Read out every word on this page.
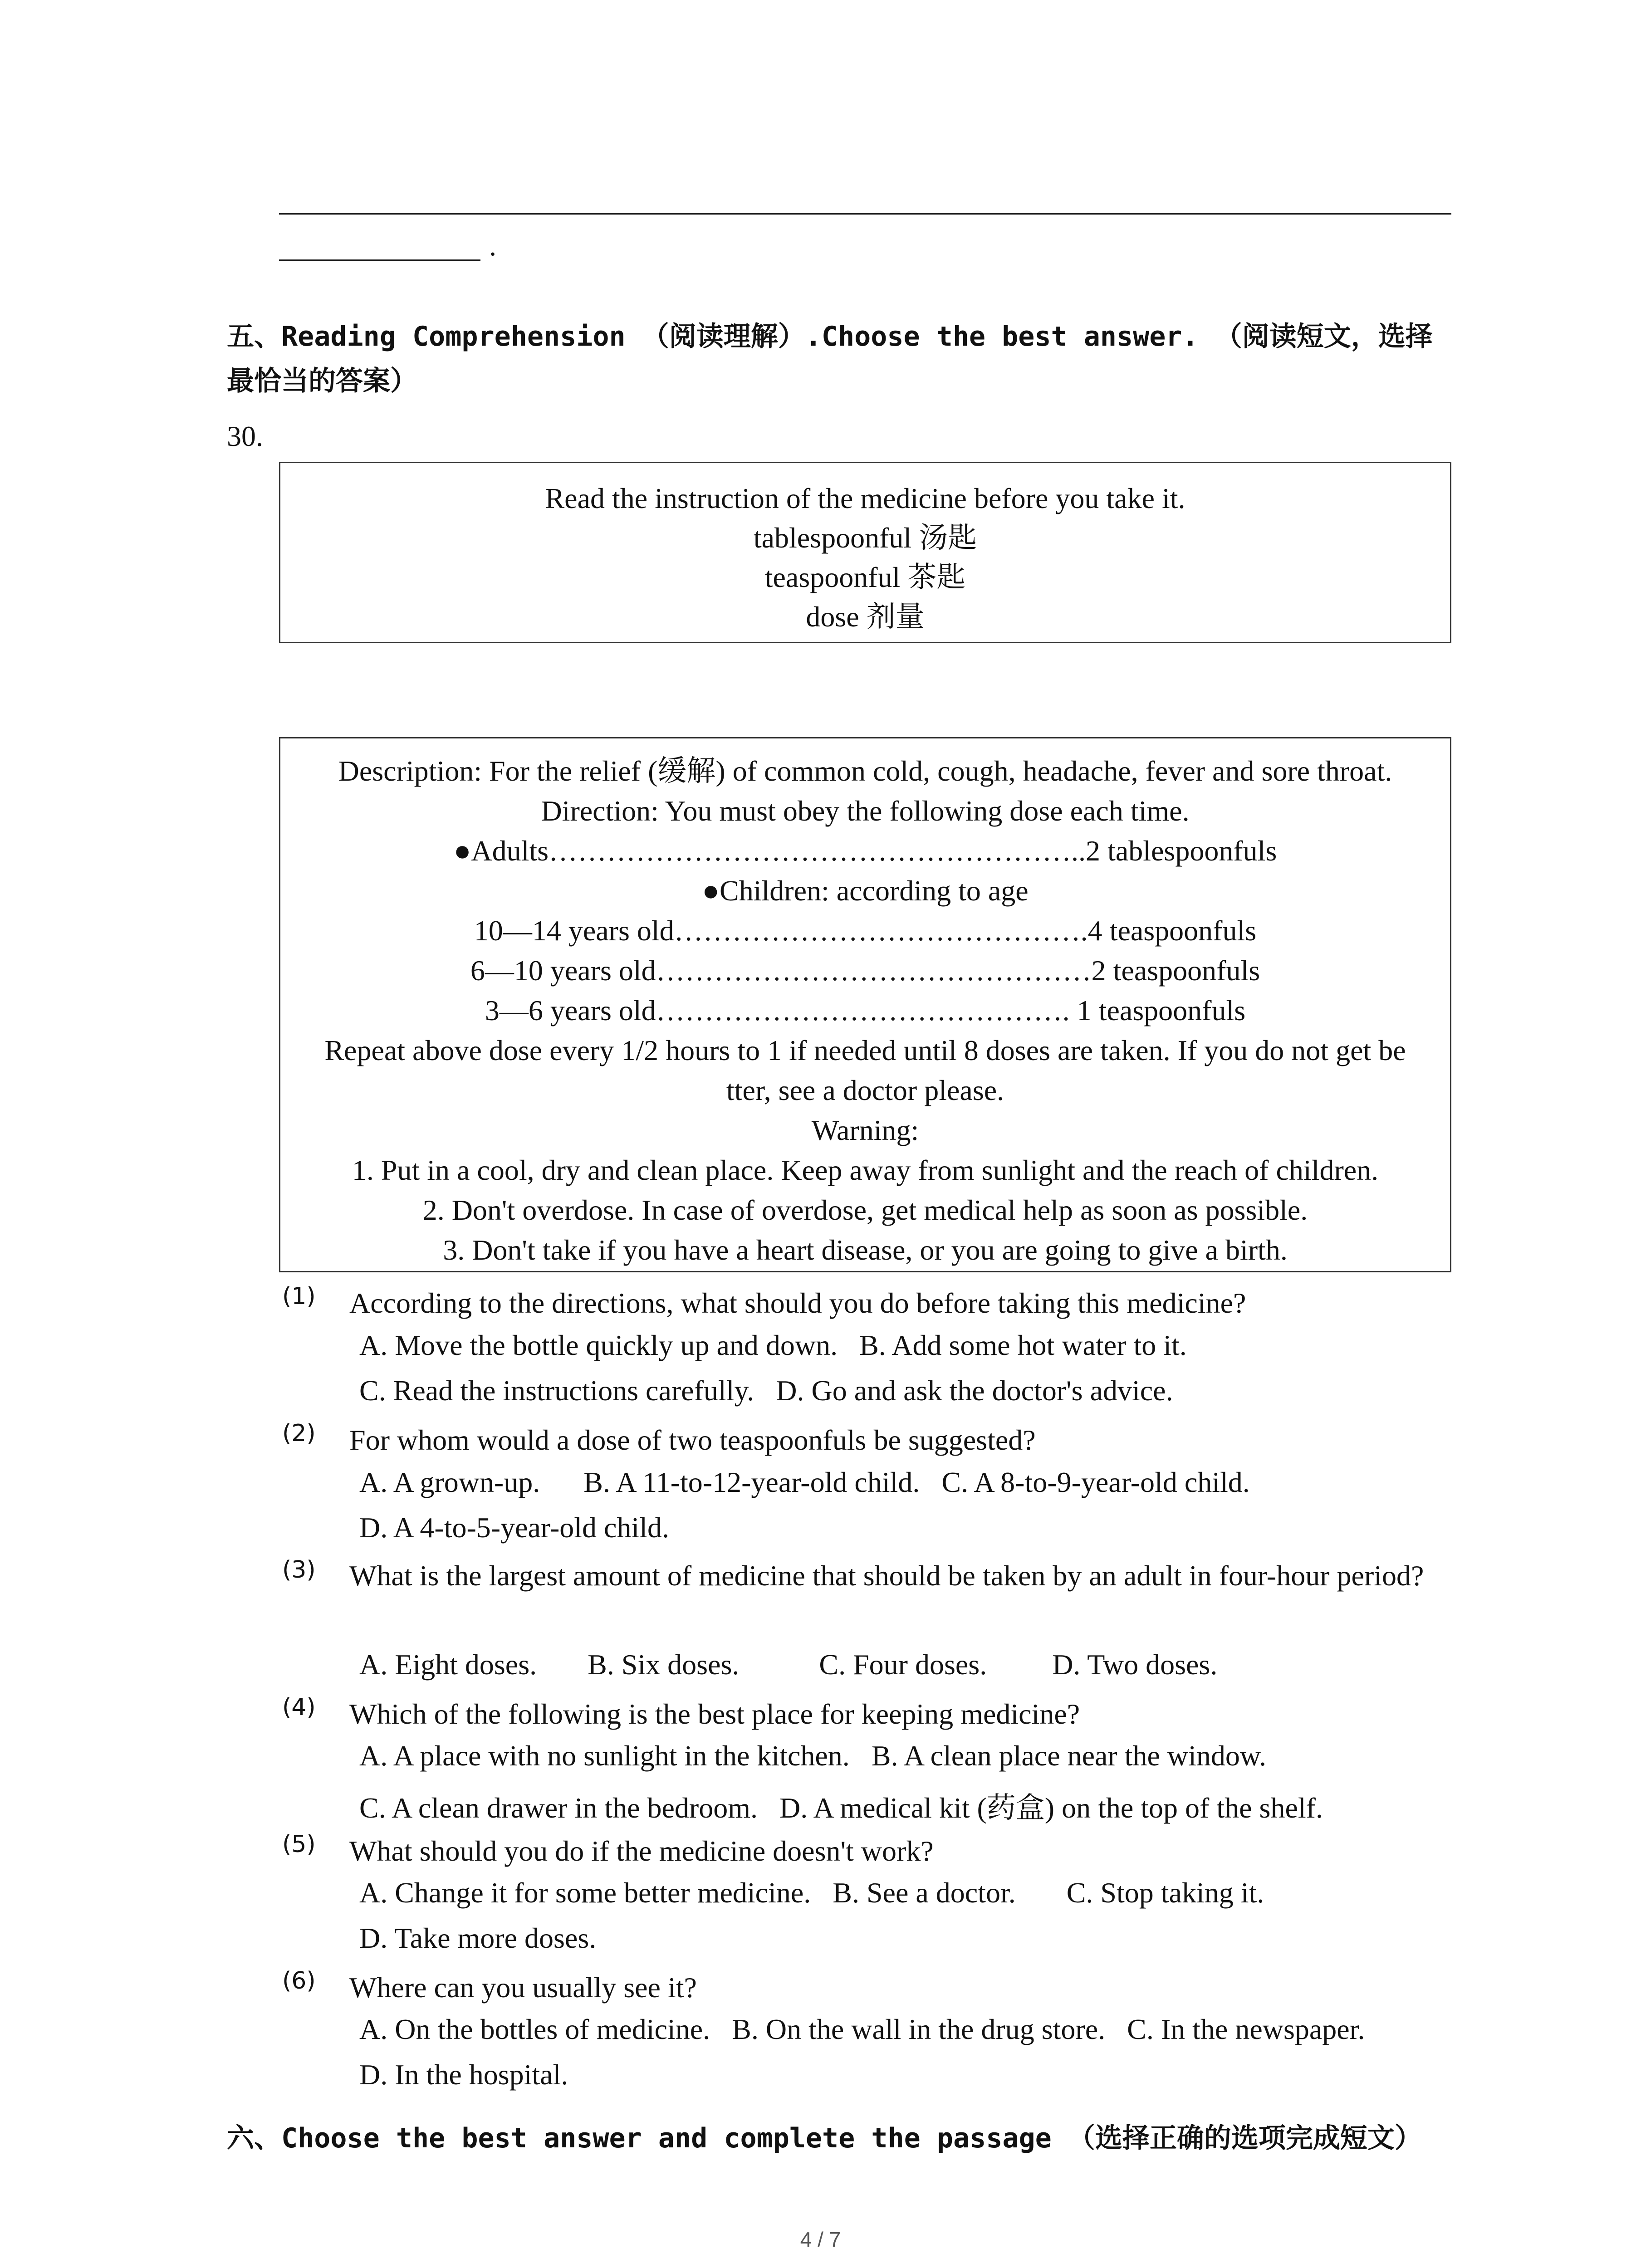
.
五、Reading Comprehension （阅读理解）.Choose the best answer. （阅读短文，选择
最恰当的答案）
30.
Read the instruction of the medicine before you take it.
tablespoonful 汤匙
teaspoonful 茶匙
dose 剂量
Description: For the relief (缓解) of common cold, cough, headache, fever and sore throat.
Direction: You must obey the following dose each time.
●Adults………………………………………………..2 tablespoonfuls
●Children: according to age
10—14 years old…………………………………….4 teaspoonfuls
6—10 years old………………………………………2 teaspoonfuls
3—6 years old……………………………………. 1 teaspoonfuls
Repeat above dose every 1/2 hours to 1 if needed until 8 doses are taken. If you do not get be
tter, see a doctor please.
Warning:
1. Put in a cool, dry and clean place. Keep away from sunlight and the reach of children.
2. Don't overdose. In case of overdose, get medical help as soon as possible.
3. Don't take if you have a heart disease, or you are going to give a birth.
(1) According to the directions, what should you do before taking this medicine?
A. Move the bottle quickly up and down.   B. Add some hot water to it.
C. Read the instructions carefully.   D. Go and ask the doctor's advice.
(2) For whom would a dose of two teaspoonfuls be suggested?
A. A grown-up.      B. A 11-to-12-year-old child.   C. A 8-to-9-year-old child.
D. A 4-to-5-year-old child.
(3) What is the largest amount of medicine that should be taken by an adult in four-hour period?
A. Eight doses.       B. Six doses.           C. Four doses.         D. Two doses.
(4) Which of the following is the best place for keeping medicine?
A. A place with no sunlight in the kitchen.   B. A clean place near the window.
C. A clean drawer in the bedroom.   D. A medical kit (药盒) on the top of the shelf.
(5) What should you do if the medicine doesn't work?
A. Change it for some better medicine.   B. See a doctor.       C. Stop taking it.
D. Take more doses.
(6) Where can you usually see it?
A. On the bottles of medicine.   B. On the wall in the drug store.   C. In the newspaper.
D. In the hospital.
六、Choose the best answer and complete the passage （选择正确的选项完成短文）
4 / 7
